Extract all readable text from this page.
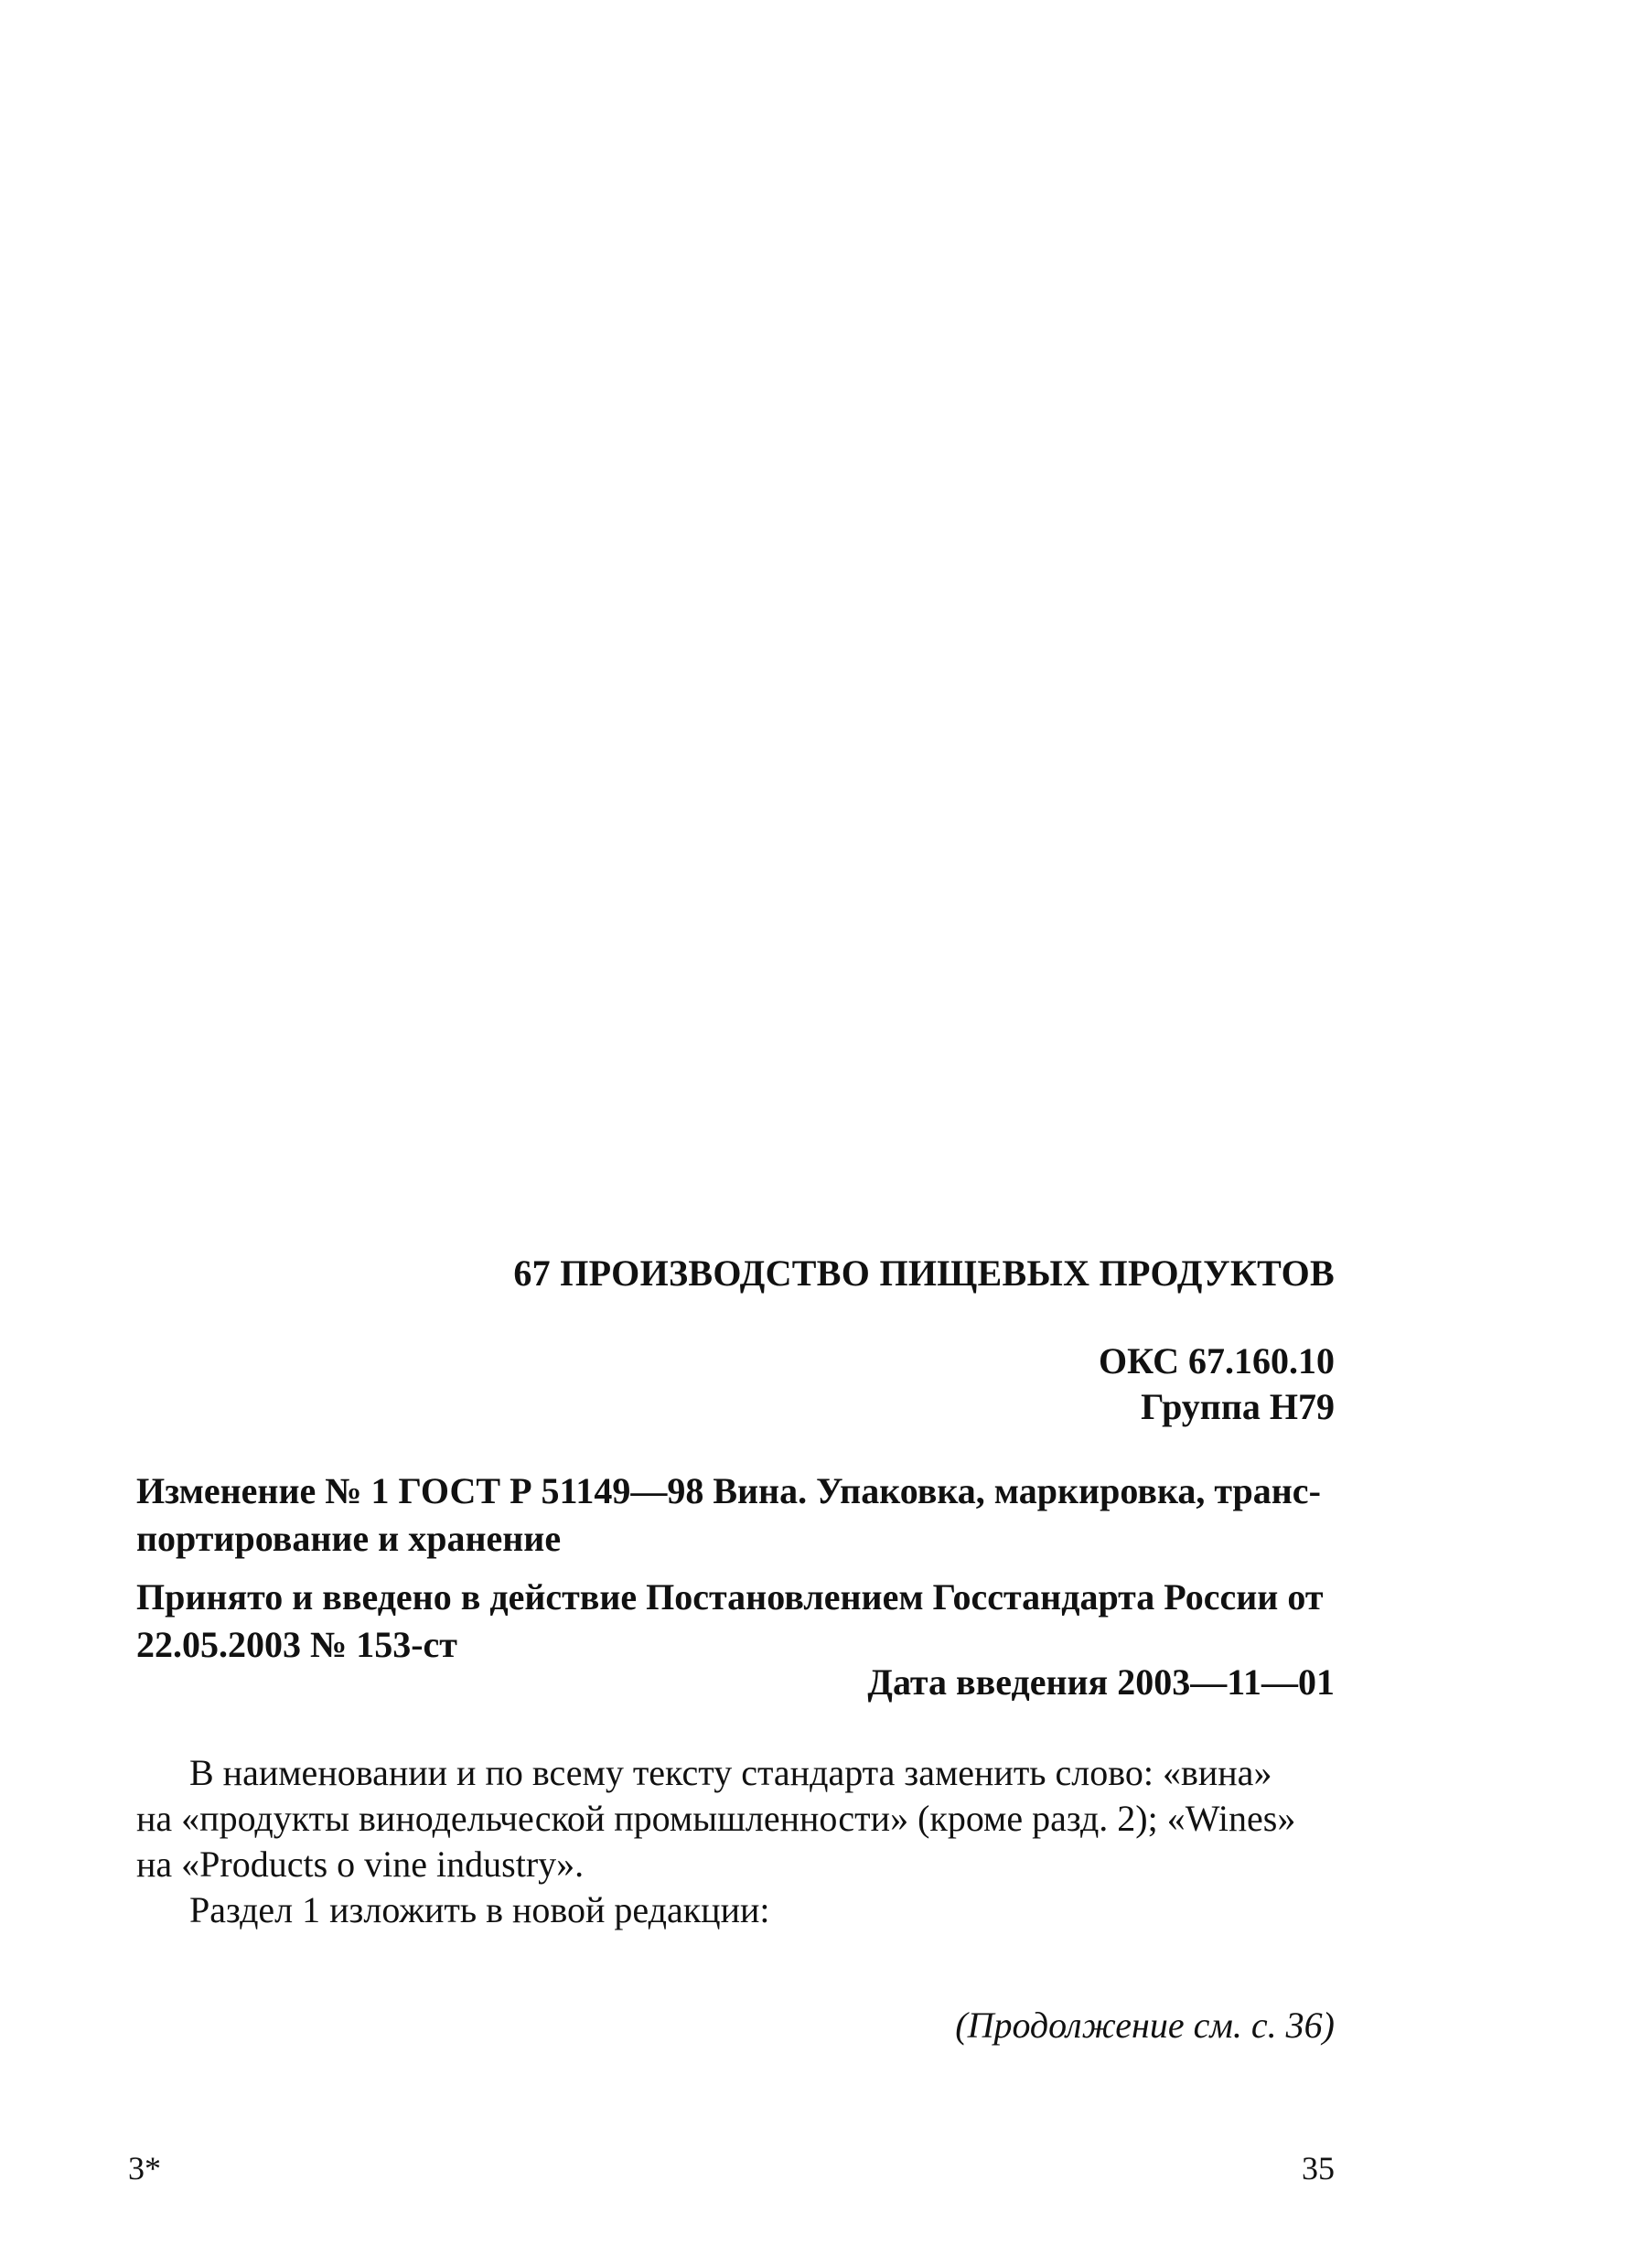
67 ПРОИЗВОДСТВО ПИЩЕВЫХ ПРОДУКТОВ
ОКС 67.160.10
Группа Н79
Изменение № 1 ГОСТ Р 51149—98 Вина. Упаковка, маркировка, транс-
портирование и хранение
Принято и введено в действие Постановлением Госстандарта России от
22.05.2003 № 153-ст
Дата введения 2003—11—01
В наименовании и по всему тексту стандарта заменить слово: «вина»
на «продукты винодельческой промышленности» (кроме разд. 2); «Wines»
на «Products o vine industry».
Раздел 1 изложить в новой редакции:
(Продолжение см. с. 36)
3*	35
